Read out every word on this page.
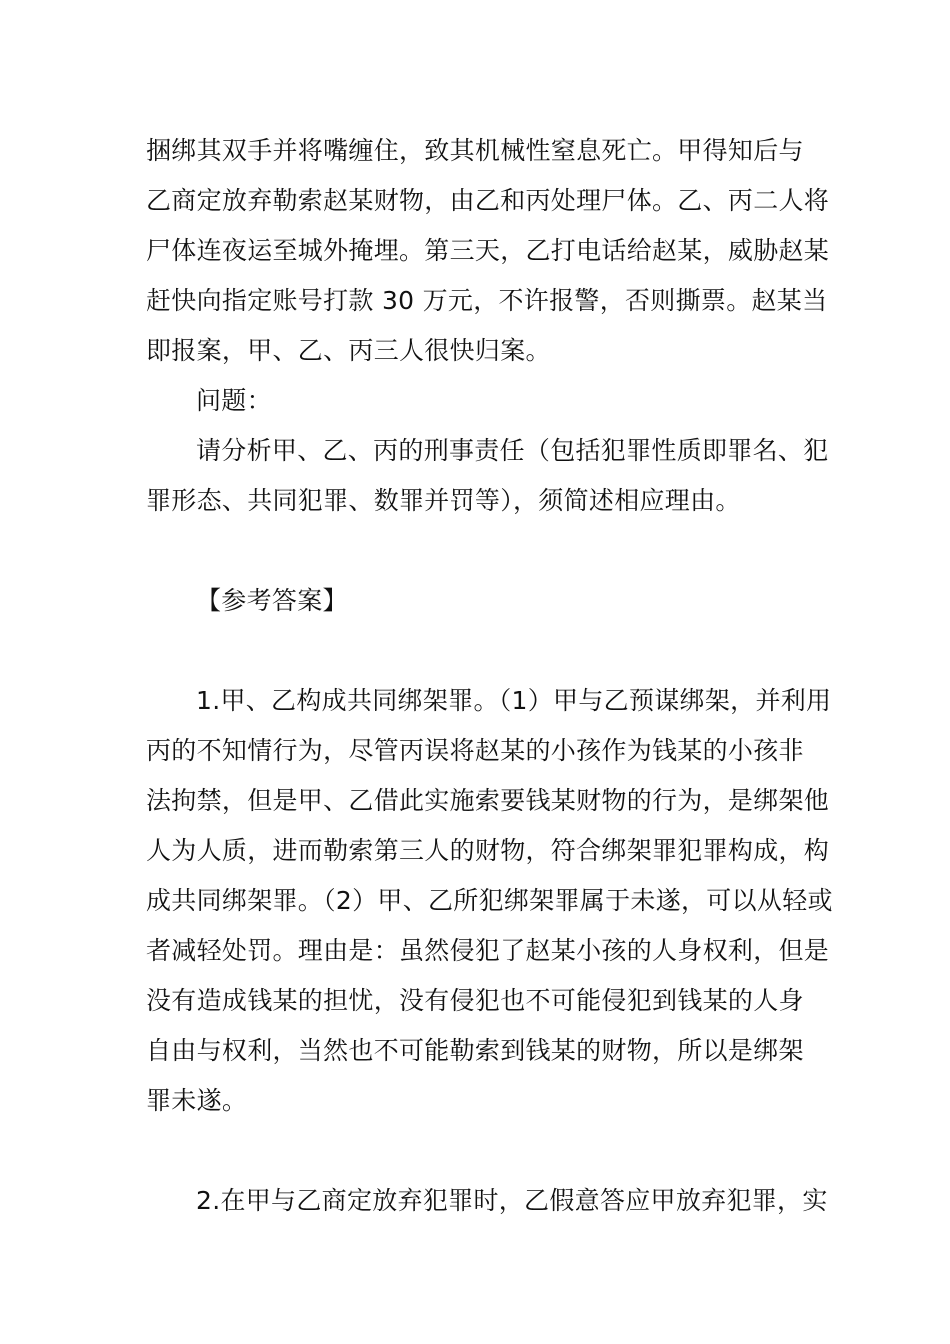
捆绑其双手并将嘴缠住，致其机械性窒息死亡。甲得知后与
乙商定放弃勒索赵某财物，由乙和丙处理尸体。乙、丙二人将
尸体连夜运至城外掩埋。第三天，乙打电话给赵某，威胁赵某
赶快向指定账号打款 30 万元，不许报警，否则撕票。赵某当
即报案，甲、乙、丙三人很快归案。
问题：
请分析甲、乙、丙的刑事责任（包括犯罪性质即罪名、犯
罪形态、共同犯罪、数罪并罚等），须简述相应理由。
【参考答案】
1.甲、乙构成共同绑架罪。（1）甲与乙预谋绑架，并利用
丙的不知情行为，尽管丙误将赵某的小孩作为钱某的小孩非
法拘禁，但是甲、乙借此实施索要钱某财物的行为，是绑架他
人为人质，进而勒索第三人的财物，符合绑架罪犯罪构成，构
成共同绑架罪。（2）甲、乙所犯绑架罪属于未遂，可以从轻或
者减轻处罚。理由是：虽然侵犯了赵某小孩的人身权利，但是
没有造成钱某的担忧，没有侵犯也不可能侵犯到钱某的人身
自由与权利，当然也不可能勒索到钱某的财物，所以是绑架
罪未遂。
2.在甲与乙商定放弃犯罪时，乙假意答应甲放弃犯罪，实
